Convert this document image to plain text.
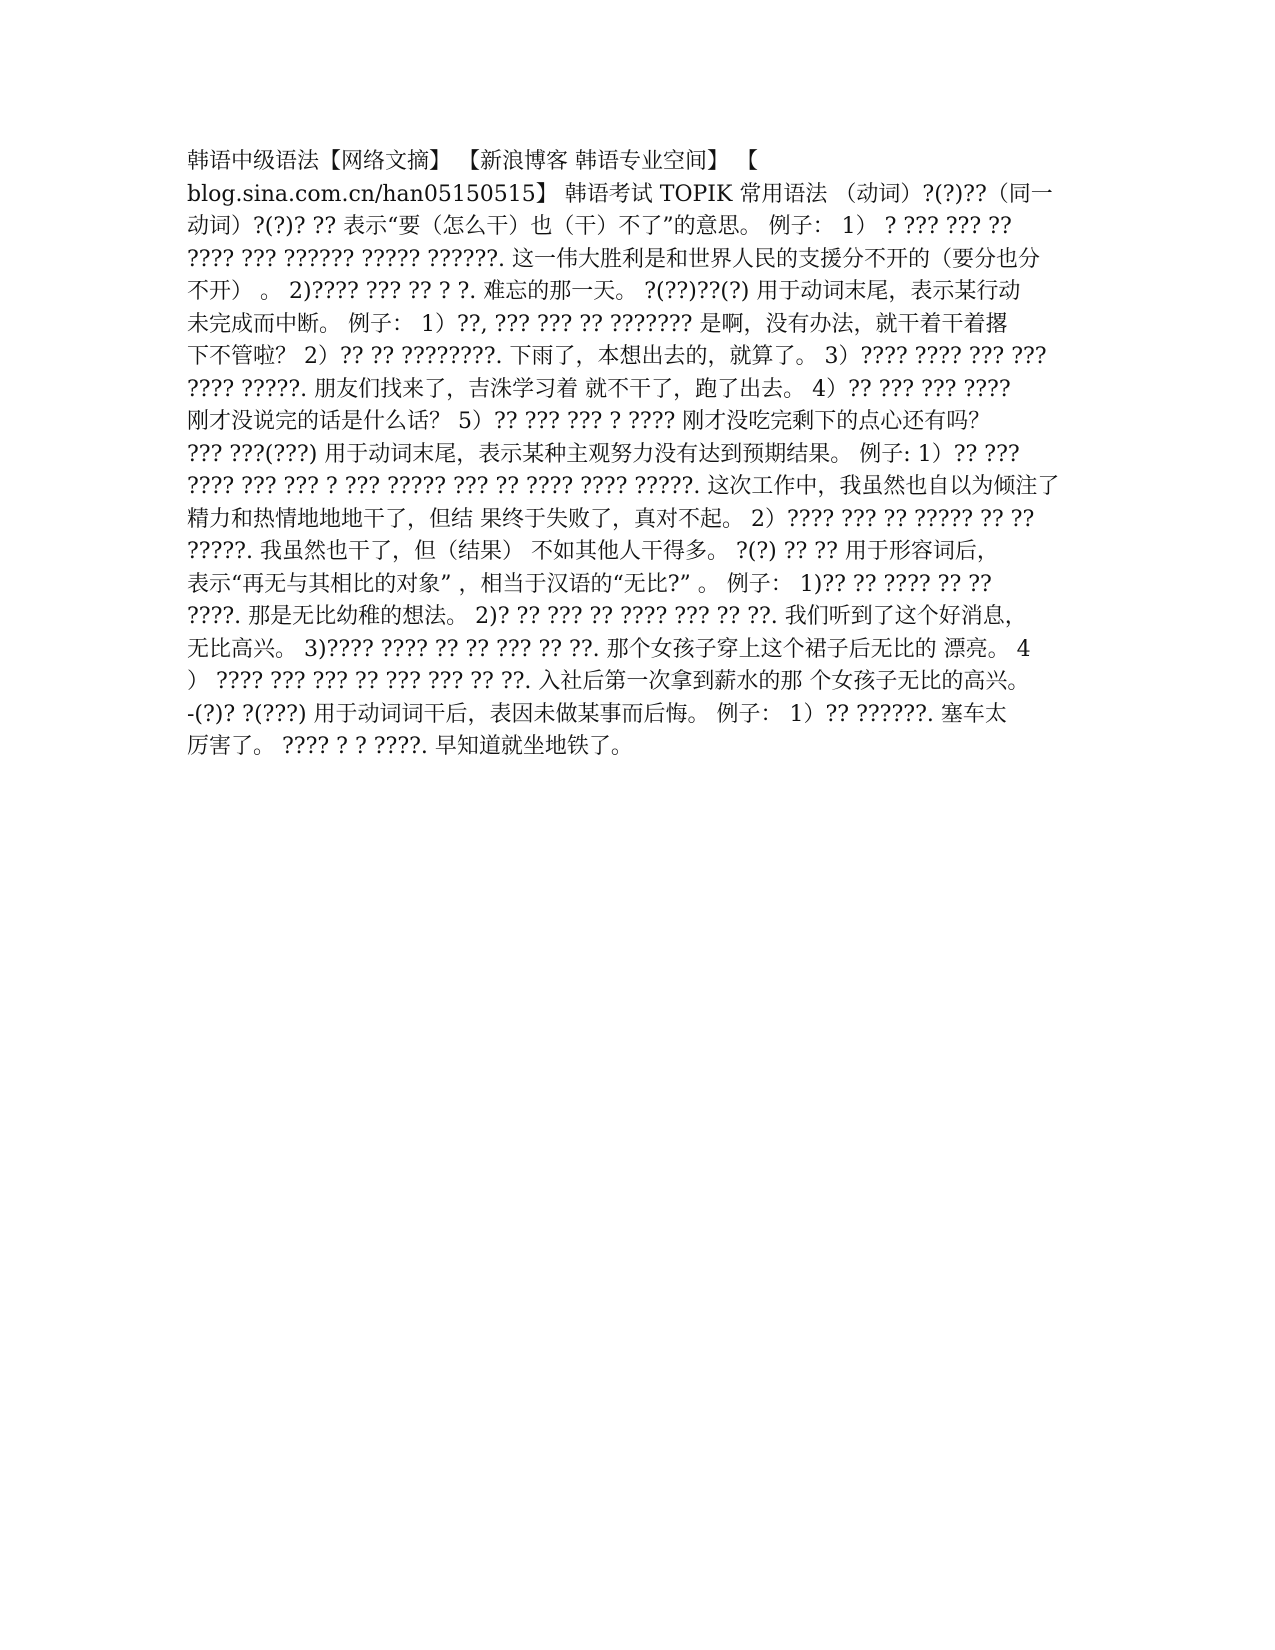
韩语中级语法【网络文摘】 【新浪博客 韩语专业空间】 【
blog.sina.com.cn/han05150515】 韩语考试 TOPIK 常用语法 （动词）?(?)??（同一
动词）?(?)? ?? 表示“要（怎么干）也（干）不了”的意思。 例子： 1） ? ??? ??? ??
???? ??? ?????? ????? ??????. 这一伟大胜利是和世界人民的支援分不开的（要分也分
不开） 。 2)???? ??? ?? ? ?. 难忘的那一天。 ?(??)??(?) 用于动词末尾，表示某行动
未完成而中断。 例子： 1）??, ??? ??? ?? ??????? 是啊，没有办法，就干着干着撂
下不管啦？ 2）?? ?? ????????. 下雨了，本想出去的，就算了。 3）???? ???? ??? ???
???? ?????. 朋友们找来了，吉洙学习着 就不干了，跑了出去。 4）?? ??? ??? ????
刚才没说完的话是什么话？ 5）?? ??? ??? ? ???? 刚才没吃完剩下的点心还有吗？
??? ???(???) 用于动词末尾，表示某种主观努力没有达到预期结果。 例子: 1）?? ???
???? ??? ??? ? ??? ????? ??? ?? ???? ???? ?????. 这次工作中，我虽然也自以为倾注了
精力和热情地地地干了，但结 果终于失败了，真对不起。 2）???? ??? ?? ????? ?? ??
?????. 我虽然也干了，但（结果） 不如其他人干得多。 ?(?) ?? ?? 用于形容词后，
表示“再无与其相比的对象” ，相当于汉语的“无比?” 。 例子： 1)?? ?? ???? ?? ??
????. 那是无比幼稚的想法。 2)? ?? ??? ?? ???? ??? ?? ??. 我们听到了这个好消息，
无比高兴。 3)???? ???? ?? ?? ??? ?? ??. 那个女孩子穿上这个裙子后无比的 漂亮。 4
） ???? ??? ??? ?? ??? ??? ?? ??. 入社后第一次拿到薪水的那 个女孩子无比的高兴。
-(?)? ?(???) 用于动词词干后，表因未做某事而后悔。 例子： 1）?? ??????. 塞车太
厉害了。 ???? ? ? ????. 早知道就坐地铁了。
